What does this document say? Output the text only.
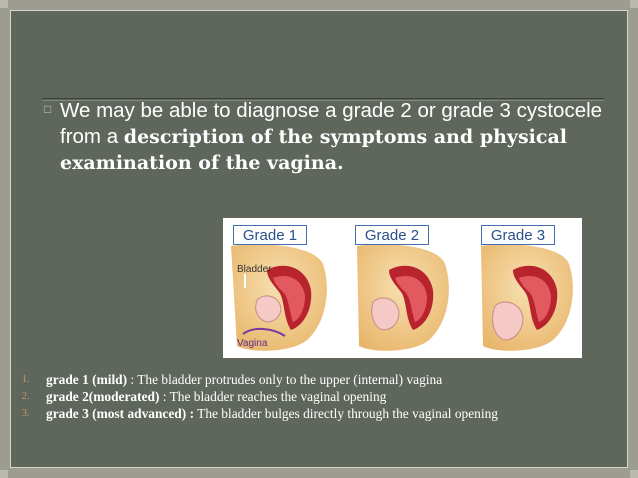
□ We may be able to diagnose a grade 2 or grade 3 cystocele from a description of the symptoms and physical examination of the vagina.
Grade 1	Grade 2	Grade 3
Bladder
Vagina
1. grade 1 (mild) : The bladder protrudes only to the upper (internal) vagina
2. grade 2(moderated) : The bladder reaches the vaginal opening
3. grade 3 (most advanced) : The bladder bulges directly through the vaginal opening
